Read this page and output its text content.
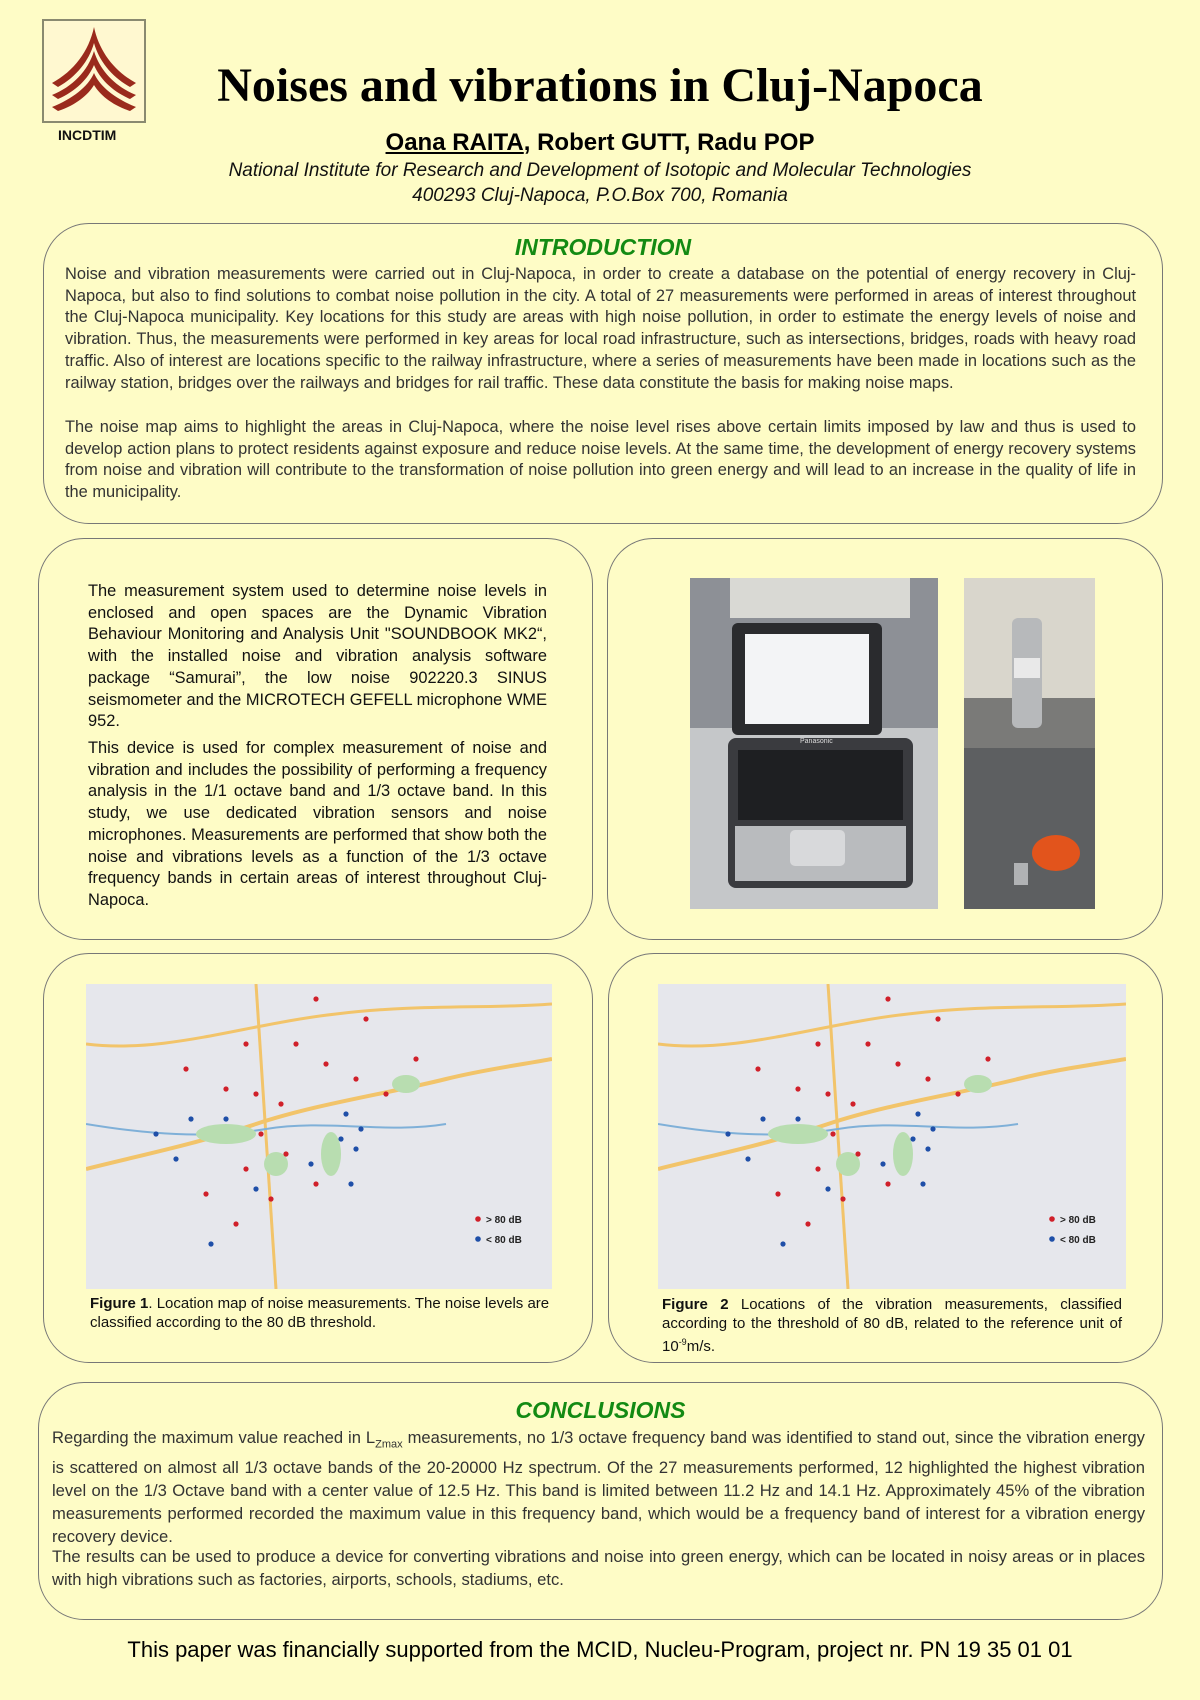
INCDTIM
Noises and vibrations in Cluj-Napoca
Oana RAITA, Robert GUTT, Radu POP
National Institute for Research and Development of Isotopic and Molecular Technologies
400293 Cluj-Napoca, P.O.Box 700, Romania
INTRODUCTION
Noise and vibration measurements were carried out in Cluj-Napoca, in order to create a database on the potential of energy recovery in Cluj-Napoca, but also to find solutions to combat noise pollution in the city. A total of 27 measurements were performed in areas of interest throughout the Cluj-Napoca municipality. Key locations for this study are areas with high noise pollution, in order to estimate the energy levels of noise and vibration. Thus, the measurements were performed in key areas for local road infrastructure, such as intersections, bridges, roads with heavy road traffic. Also of interest are locations specific to the railway infrastructure, where a series of measurements have been made in locations such as the railway station, bridges over the railways and bridges for rail traffic. These data constitute the basis for making noise maps.
The noise map aims to highlight the areas in Cluj-Napoca, where the noise level rises above certain limits imposed by law and thus is used to develop action plans to protect residents against exposure and reduce noise levels. At the same time, the development of energy recovery systems from noise and vibration will contribute to the transformation of noise pollution into green energy and will lead to an increase in the quality of life in the municipality.
The measurement system used to determine noise levels in enclosed and open spaces are the Dynamic Vibration Behaviour Monitoring and Analysis Unit "SOUNDBOOK MK2“, with the installed noise and vibration analysis software package “Samurai”, the low noise 902220.3 SINUS seismometer and the MICROTECH GEFELL microphone WME 952.
This device is used for complex measurement of noise and vibration and includes the possibility of performing a frequency analysis in the 1/1 octave band and 1/3 octave band. In this study, we use dedicated vibration sensors and noise microphones. Measurements are performed that show both the noise and vibrations levels as a function of the 1/3 octave frequency bands in certain areas of interest throughout Cluj-Napoca.
Panasonic
> 80 dB
< 80 dB
Figure 1. Location map of noise measurements. The noise levels are classified according to the 80 dB threshold.
> 80 dB
< 80 dB
Figure 2 Locations of the vibration measurements, classified according to the threshold of 80 dB, related to the reference unit of $10^{-9}m/s$.
CONCLUSIONS
Regarding the maximum value reached in $L_{Zmax}$ measurements, no 1/3 octave frequency band was identified to stand out, since the vibration energy is scattered on almost all 1/3 octave bands of the 20-20000 Hz spectrum. Of the 27 measurements performed, 12 highlighted the highest vibration level on the 1/3 Octave band with a center value of 12.5 Hz. This band is limited between 11.2 Hz and 14.1 Hz. Approximately 45% of the vibration measurements performed recorded the maximum value in this frequency band, which would be a frequency band of interest for a vibration energy recovery device.
The results can be used to produce a device for converting vibrations and noise into green energy, which can be located in noisy areas or in places with high vibrations such as factories, airports, schools, stadiums, etc.
This paper was financially supported from the MCID, Nucleu-Program, project nr. PN 19 35 01 01
